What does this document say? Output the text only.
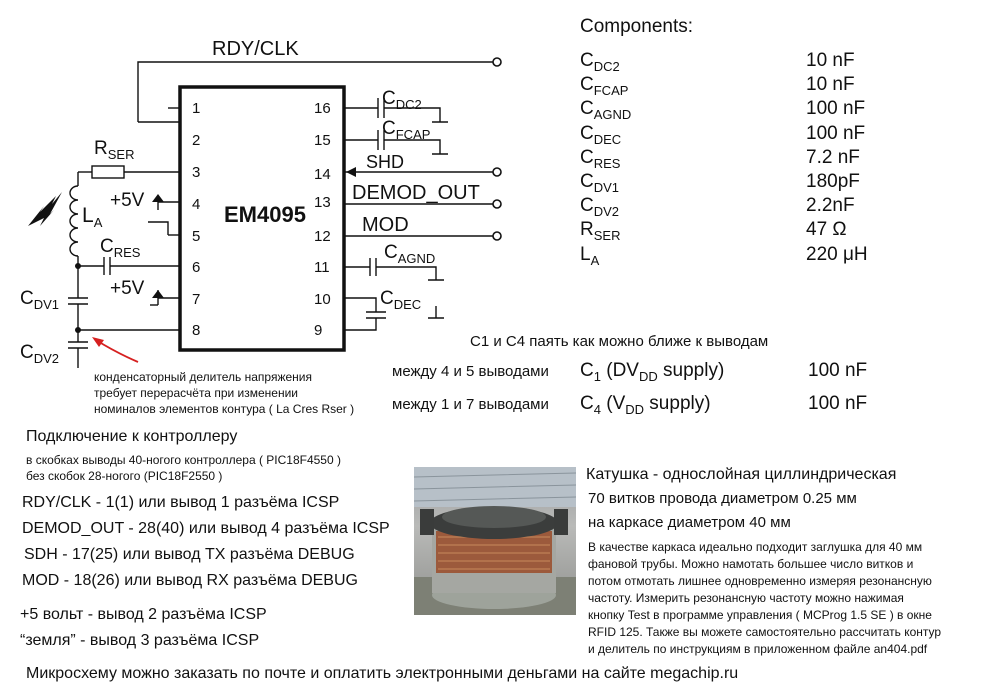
EM4095
1
2
3
4
5
6
7
8
16
15
14
13
12
11
10
9
RDY/CLK
SHD
DEMOD_OUT
MOD
+5V
+5V
$R_{SER}$
$L_A$
$C_{RES}$
$C_{DV1}$
$C_{DV2}$
$C_{DC2}$
$C_{FCAP}$
$C_{AGND}$
$C_{DEC}$
Components:
$C_{DC2}$	10 nF
$C_{FCAP}$	10 nF
$C_{AGND}$	100 nF
$C_{DEC}$	100 nF
$C_{RES}$	7.2 nF
$C_{DV1}$	180pF
$C_{DV2}$	2.2nF
$R_{SER}$	47 Ω
$L_A$	220 μH
C1 и C4 паять как можно ближе к выводам
между 4 и 5 выводами $C_1$ ($DV_{DD}$ supply)	100 nF
между 1 и 7 выводами $C_4$ ($V_{DD}$ supply)	100 nF
конденсаторный делитель напряжения
требует перерасчёта при изменении
номиналов элементов контура ( La Cres Rser )
Подключение к контроллеру
в скобках выводы 40-ногого контроллера ( PIC18F4550 )
без скобок 28-ногого (PIC18F2550 )
RDY/CLK - 1(1) или вывод 1 разъёма ICSP
DEMOD_OUT - 28(40) или вывод 4 разъёма ICSP
SDH - 17(25) или вывод TX разъёма DEBUG
MOD - 18(26) или вывод RX разъёма DEBUG
+5 вольт - вывод 2 разъёма ICSP
“земля” - вывод 3 разъёма ICSP
Катушка - однослойная циллиндрическая
70 витков провода диаметром 0.25 мм
на каркасе диаметром 40 мм
В качестве каркаса идеально подходит заглушка для 40 мм
фановой трубы. Можно намотать большее число витков и
потом отмотать лишнее одновременно измеряя резонансную
частоту. Измерить резонансную частоту можно нажимая
кнопку Test в программе управления ( MCProg 1.5 SE ) в окне
RFID 125. Также вы можете самостоятельно рассчитать контур
и делитель по инструкциям в приложенном файле an404.pdf
Микросхему можно заказать по почте и оплатить электронными деньгами на сайте megachip.ru
